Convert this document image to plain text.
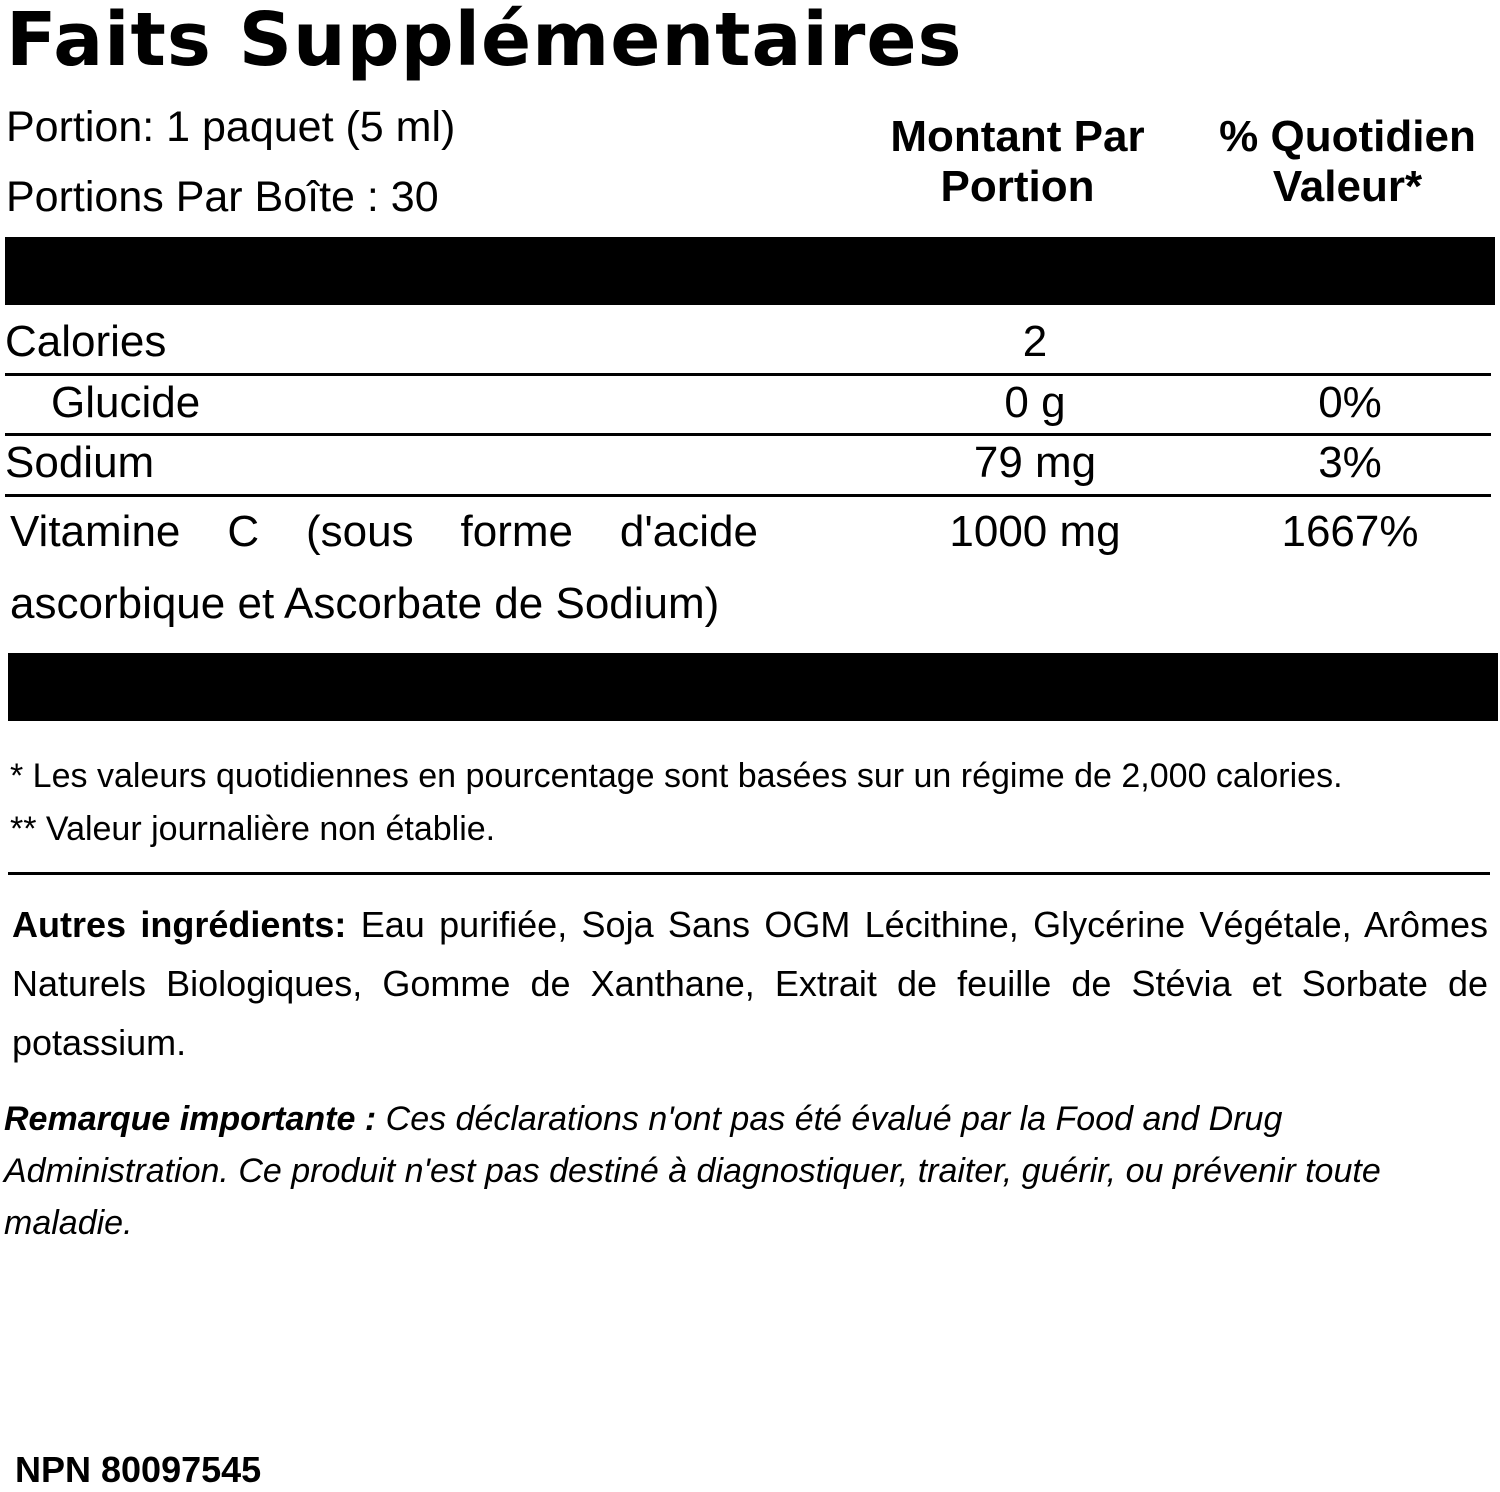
Faits Supplémentaires
Portion: 1 paquet (5 ml)
Portions Par Boîte : 30
Montant Par
Portion
% Quotidien
Valeur*
Calories	2
Glucide	0 g	0%
Sodium	79 mg	3%
Vitamine C (sous forme d'acide ascorbique et Ascorbate de Sodium)
1000 mg	1667%
* Les valeurs quotidiennes en pourcentage sont basées sur un régime de 2,000 calories.
** Valeur journalière non établie.
Autres ingrédients: Eau purifiée, Soja Sans OGM Lécithine, Glycérine Végétale, Arômes Naturels Biologiques, Gomme de Xanthane, Extrait de feuille de Stévia et Sorbate de potassium.
Remarque importante : Ces déclarations n'ont pas été évalué par la Food and Drug Administration. Ce produit n'est pas destiné à diagnostiquer, traiter, guérir, ou prévenir toute maladie.
NPN 80097545
